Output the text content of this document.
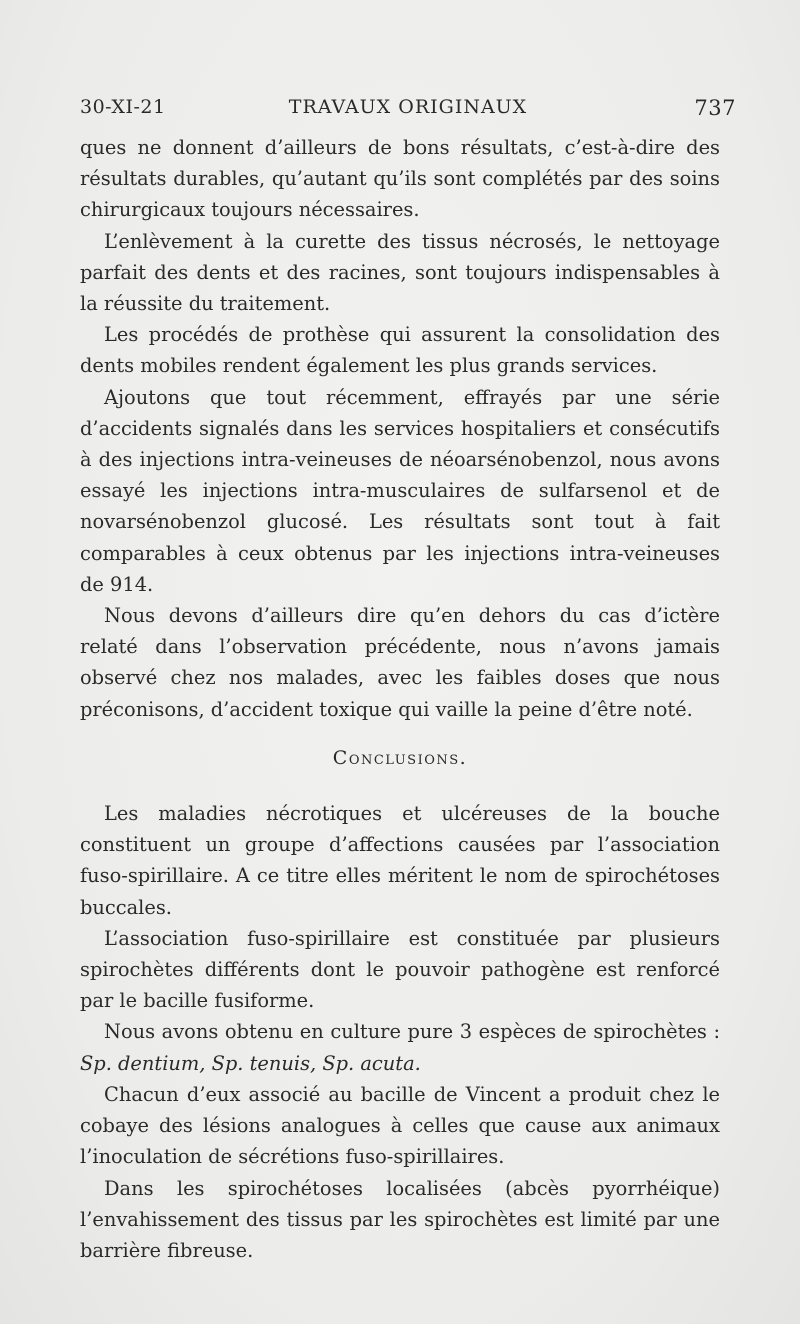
30-XI-21	TRAVAUX ORIGINAUX	737

ques ne donnent d’ailleurs de bons résultats, c’est-à-dire des résultats durables, qu’autant qu’ils sont complétés par des soins chirurgicaux toujours nécessaires.

L’enlèvement à la curette des tissus nécrosés, le nettoyage parfait des dents et des racines, sont toujours indispensables à la réussite du traitement.

Les procédés de prothèse qui assurent la consolidation des dents mobiles rendent également les plus grands services.

Ajoutons que tout récemment, effrayés par une série d’accidents signalés dans les services hospitaliers et consécutifs à des injections intra-veineuses de néoarsénobenzol, nous avons essayé les injections intra-musculaires de sulfarsenol et de novarsénobenzol glucosé. Les résultats sont tout à fait comparables à ceux obtenus par les injections intra-veineuses de 914.

Nous devons d’ailleurs dire qu’en dehors du cas d’ictère relaté dans l’observation précédente, nous n’avons jamais observé chez nos malades, avec les faibles doses que nous préconisons, d’accident toxique qui vaille la peine d’être noté.

Conclusions.

Les maladies nécrotiques et ulcéreuses de la bouche constituent un groupe d’affections causées par l’association fuso-spirillaire. A ce titre elles méritent le nom de spirochétoses buccales.

L’association fuso-spirillaire est constituée par plusieurs spirochètes différents dont le pouvoir pathogène est renforcé par le bacille fusiforme.

Nous avons obtenu en culture pure 3 espèces de spirochètes : Sp. dentium, Sp. tenuis, Sp. acuta.

Chacun d’eux associé au bacille de Vincent a produit chez le cobaye des lésions analogues à celles que cause aux animaux l’inoculation de sécrétions fuso-spirillaires.

Dans les spirochétoses localisées (abcès pyorrhéique) l’envahissement des tissus par les spirochètes est limité par une barrière fibreuse.
